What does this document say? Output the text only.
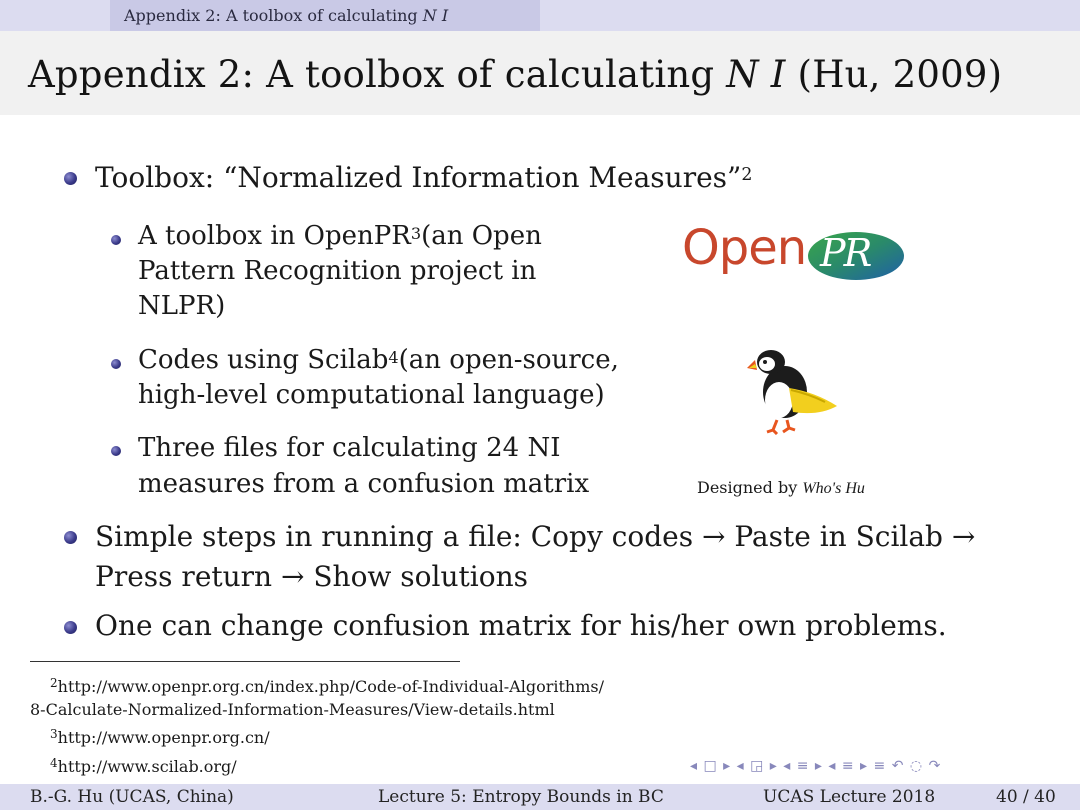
Appendix 2: A toolbox of calculating N I
Appendix 2: A toolbox of calculating N I (Hu, 2009)
Toolbox: “Normalized Information Measures”$^2$
A toolbox in OpenPR$^3$(an Open
Pattern Recognition project in
NLPR)
Codes using Scilab$^4$(an open-source,
high-level computational language)
Three files for calculating 24 NI
measures from a confusion matrix
Open PR
Designed by Who's Hu
Simple steps in running a file: Copy codes → Paste in Scilab →
Press return → Show solutions
One can change confusion matrix for his/her own problems.
$^2$http://www.openpr.org.cn/index.php/Code-of-Individual-Algorithms/
8-Calculate-Normalized-Information-Measures/View-details.html
$^3$http://www.openpr.org.cn/
$^4$http://www.scilab.org/	◂ □ ▸ ◂ ◲ ▸ ◂ ≡ ▸ ◂ ≡ ▸ ≡ ↶ ◌ ↷
B.-G. Hu (UCAS, China)	Lecture 5: Entropy Bounds in BC	UCAS Lecture 2018	40 / 40
